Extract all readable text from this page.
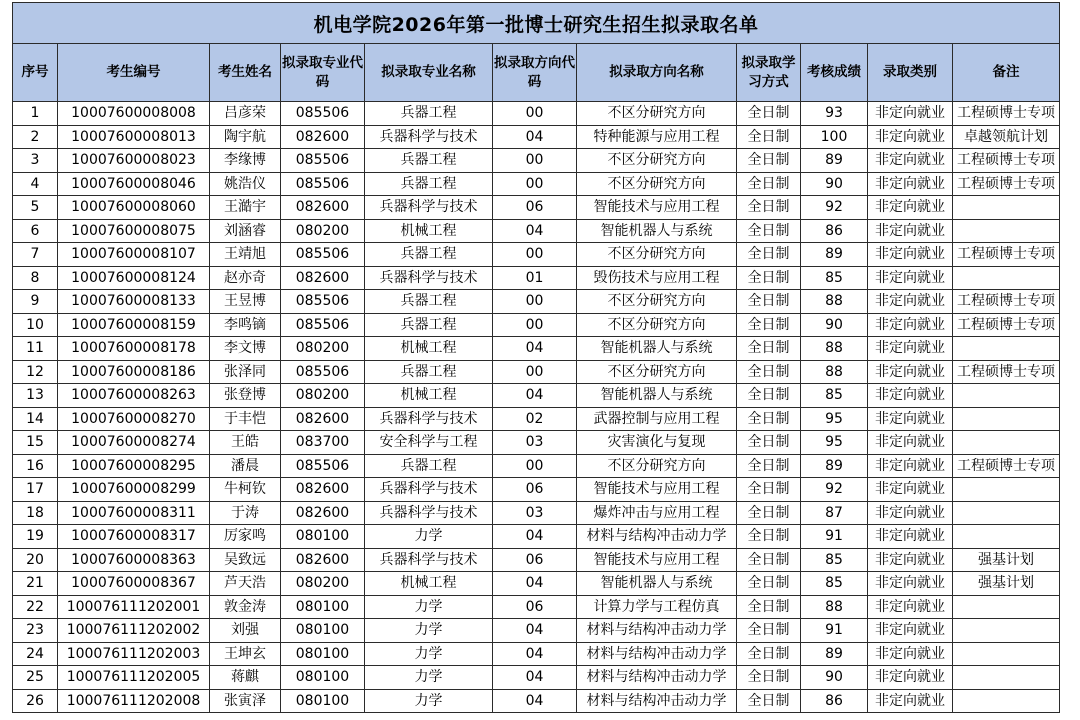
机电学院2026年第一批博士研究生招生拟录取名单										
序号	考生编号	考生姓名	拟录取专业代码	拟录取专业名称	拟录取方向代码	拟录取方向名称	拟录取学习方式	考核成绩	录取类别	备注
1	10007600008008	吕彦荣	085506	兵器工程	00	不区分研究方向	全日制	93	非定向就业	工程硕博士专项
2	10007600008013	陶宇航	082600	兵器科学与技术	04	特种能源与应用工程	全日制	100	非定向就业	卓越领航计划
3	10007600008023	李缘博	085506	兵器工程	00	不区分研究方向	全日制	89	非定向就业	工程硕博士专项
4	10007600008046	姚浩仪	085506	兵器工程	00	不区分研究方向	全日制	90	非定向就业	工程硕博士专项
5	10007600008060	王澔宇	082600	兵器科学与技术	06	智能技术与应用工程	全日制	92	非定向就业	
6	10007600008075	刘涵睿	080200	机械工程	04	智能机器人与系统	全日制	86	非定向就业	
7	10007600008107	王靖旭	085506	兵器工程	00	不区分研究方向	全日制	89	非定向就业	工程硕博士专项
8	10007600008124	赵亦奇	082600	兵器科学与技术	01	毁伤技术与应用工程	全日制	85	非定向就业	
9	10007600008133	王昱博	085506	兵器工程	00	不区分研究方向	全日制	88	非定向就业	工程硕博士专项
10	10007600008159	李鸣镝	085506	兵器工程	00	不区分研究方向	全日制	90	非定向就业	工程硕博士专项
11	10007600008178	李文博	080200	机械工程	04	智能机器人与系统	全日制	88	非定向就业	
12	10007600008186	张泽同	085506	兵器工程	00	不区分研究方向	全日制	88	非定向就业	工程硕博士专项
13	10007600008263	张登博	080200	机械工程	04	智能机器人与系统	全日制	85	非定向就业	
14	10007600008270	于丰恺	082600	兵器科学与技术	02	武器控制与应用工程	全日制	95	非定向就业	
15	10007600008274	王皓	083700	安全科学与工程	03	灾害演化与复现	全日制	95	非定向就业	
16	10007600008295	潘晨	085506	兵器工程	00	不区分研究方向	全日制	89	非定向就业	工程硕博士专项
17	10007600008299	牛柯钦	082600	兵器科学与技术	06	智能技术与应用工程	全日制	92	非定向就业	
18	10007600008311	于涛	082600	兵器科学与技术	03	爆炸冲击与应用工程	全日制	87	非定向就业	
19	10007600008317	厉家鸣	080100	力学	04	材料与结构冲击动力学	全日制	91	非定向就业	
20	10007600008363	吴致远	082600	兵器科学与技术	06	智能技术与应用工程	全日制	85	非定向就业	强基计划
21	10007600008367	芦天浩	080200	机械工程	04	智能机器人与系统	全日制	85	非定向就业	强基计划
22	100076111202001	敦金涛	080100	力学	06	计算力学与工程仿真	全日制	88	非定向就业	
23	100076111202002	刘强	080100	力学	04	材料与结构冲击动力学	全日制	91	非定向就业	
24	100076111202003	王坤玄	080100	力学	04	材料与结构冲击动力学	全日制	89	非定向就业	
25	100076111202005	蒋麒	080100	力学	04	材料与结构冲击动力学	全日制	90	非定向就业	
26	100076111202008	张寅泽	080100	力学	04	材料与结构冲击动力学	全日制	86	非定向就业	
